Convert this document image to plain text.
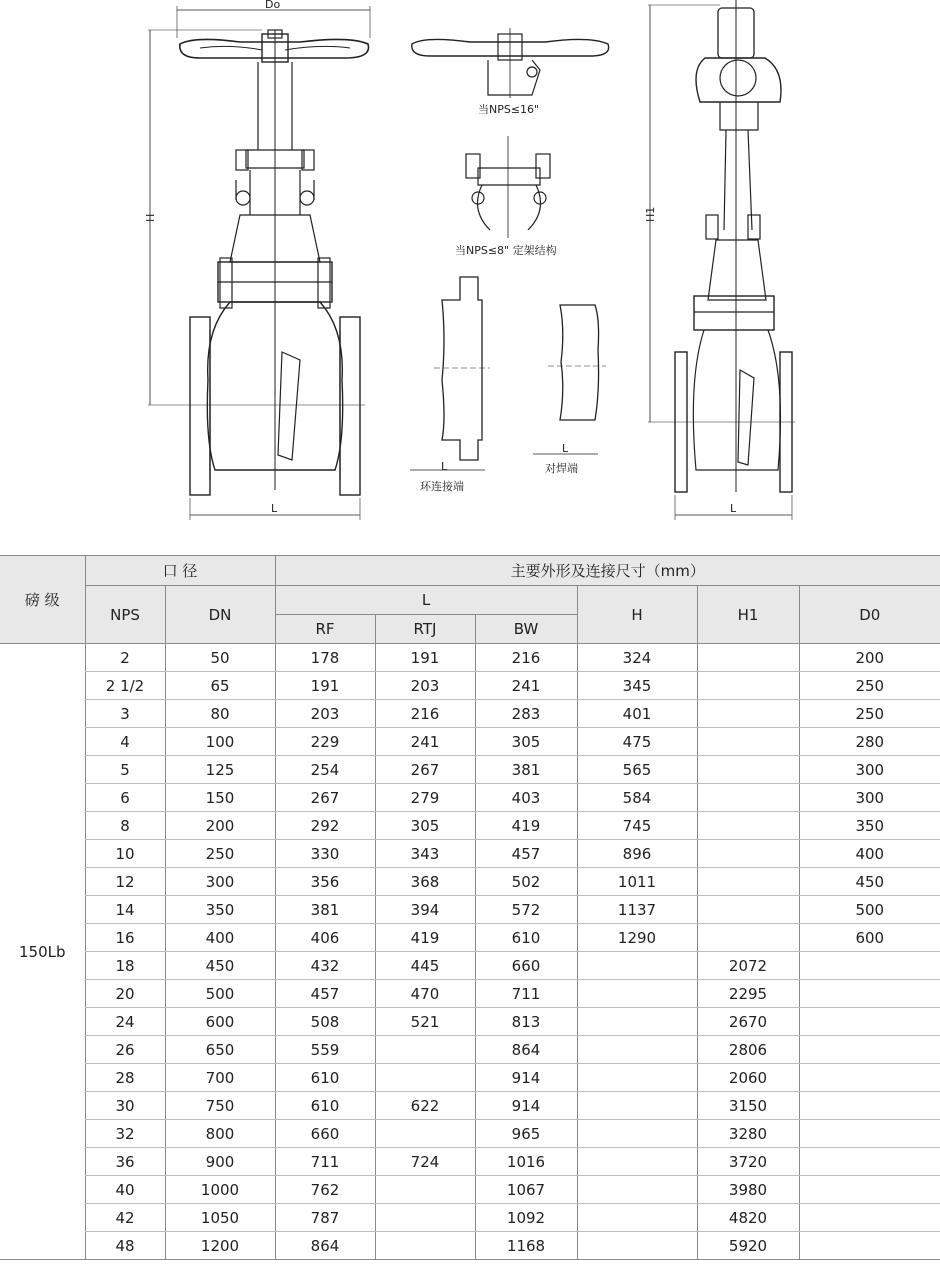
Do
H
L
当NPS≤16"
当NPS≤8" 定架结构
L
环连接端
L
对焊端
H1
L
磅 级	口 径		主要外形及连接尺寸（mm）					
	NPS	DN	L			H	H1	D0
			RF	RTJ	BW			
150Lb	2	50	178	191	216	324		200
	2 1/2	65	191	203	241	345		250
	3	80	203	216	283	401		250
	4	100	229	241	305	475		280
	5	125	254	267	381	565		300
	6	150	267	279	403	584		300
	8	200	292	305	419	745		350
	10	250	330	343	457	896		400
	12	300	356	368	502	1011		450
	14	350	381	394	572	1137		500
	16	400	406	419	610	1290		600
	18	450	432	445	660		2072	
	20	500	457	470	711		2295	
	24	600	508	521	813		2670	
	26	650	559		864		2806	
	28	700	610		914		2060	
	30	750	610	622	914		3150	
	32	800	660		965		3280	
	36	900	711	724	1016		3720	
	40	1000	762		1067		3980	
	42	1050	787		1092		4820	
	48	1200	864		1168		5920	
